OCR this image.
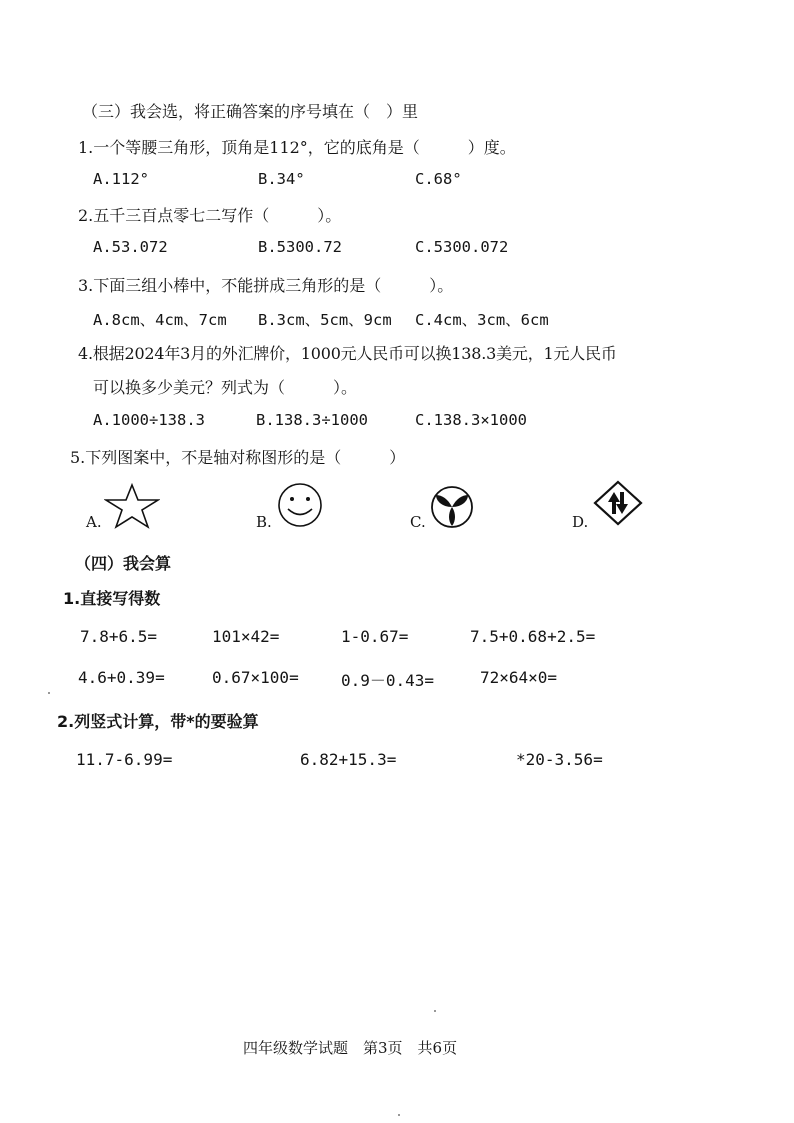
（三）我会选，将正确答案的序号填在（　）里
1.一个等腰三角形，顶角是112°，它的底角是（　　　）度。
A.112°	B.34°	C.68°
2.五千三百点零七二写作（　　　）。
A.53.072	B.5300.72	C.5300.072
3.下面三组小棒中，不能拼成三角形的是（　　　）。
A.8cm、4cm、7cm B.3cm、5cm、9cm C.4cm、3cm、6cm
4.根据2024年3月的外汇牌价，1000元人民币可以换138.3美元，1元人民币
可以换多少美元？列式为（　　　）。
A.1000÷138.3	B.138.3÷1000	C.138.3×1000
5.下列图案中，不是轴对称图形的是（　　　）
A.	B.	C.	D.
（四）我会算
1.直接写得数
7.8+6.5=	101×42=	1-0.67=	7.5+0.68+2.5=
4.6+0.39=	0.67×100=	0.9－0.43=	72×64×0=
2.列竖式计算，带*的要验算
11.7-6.99=	6.82+15.3=	*20-3.56=
四年级数学试题　第3页　共6页
